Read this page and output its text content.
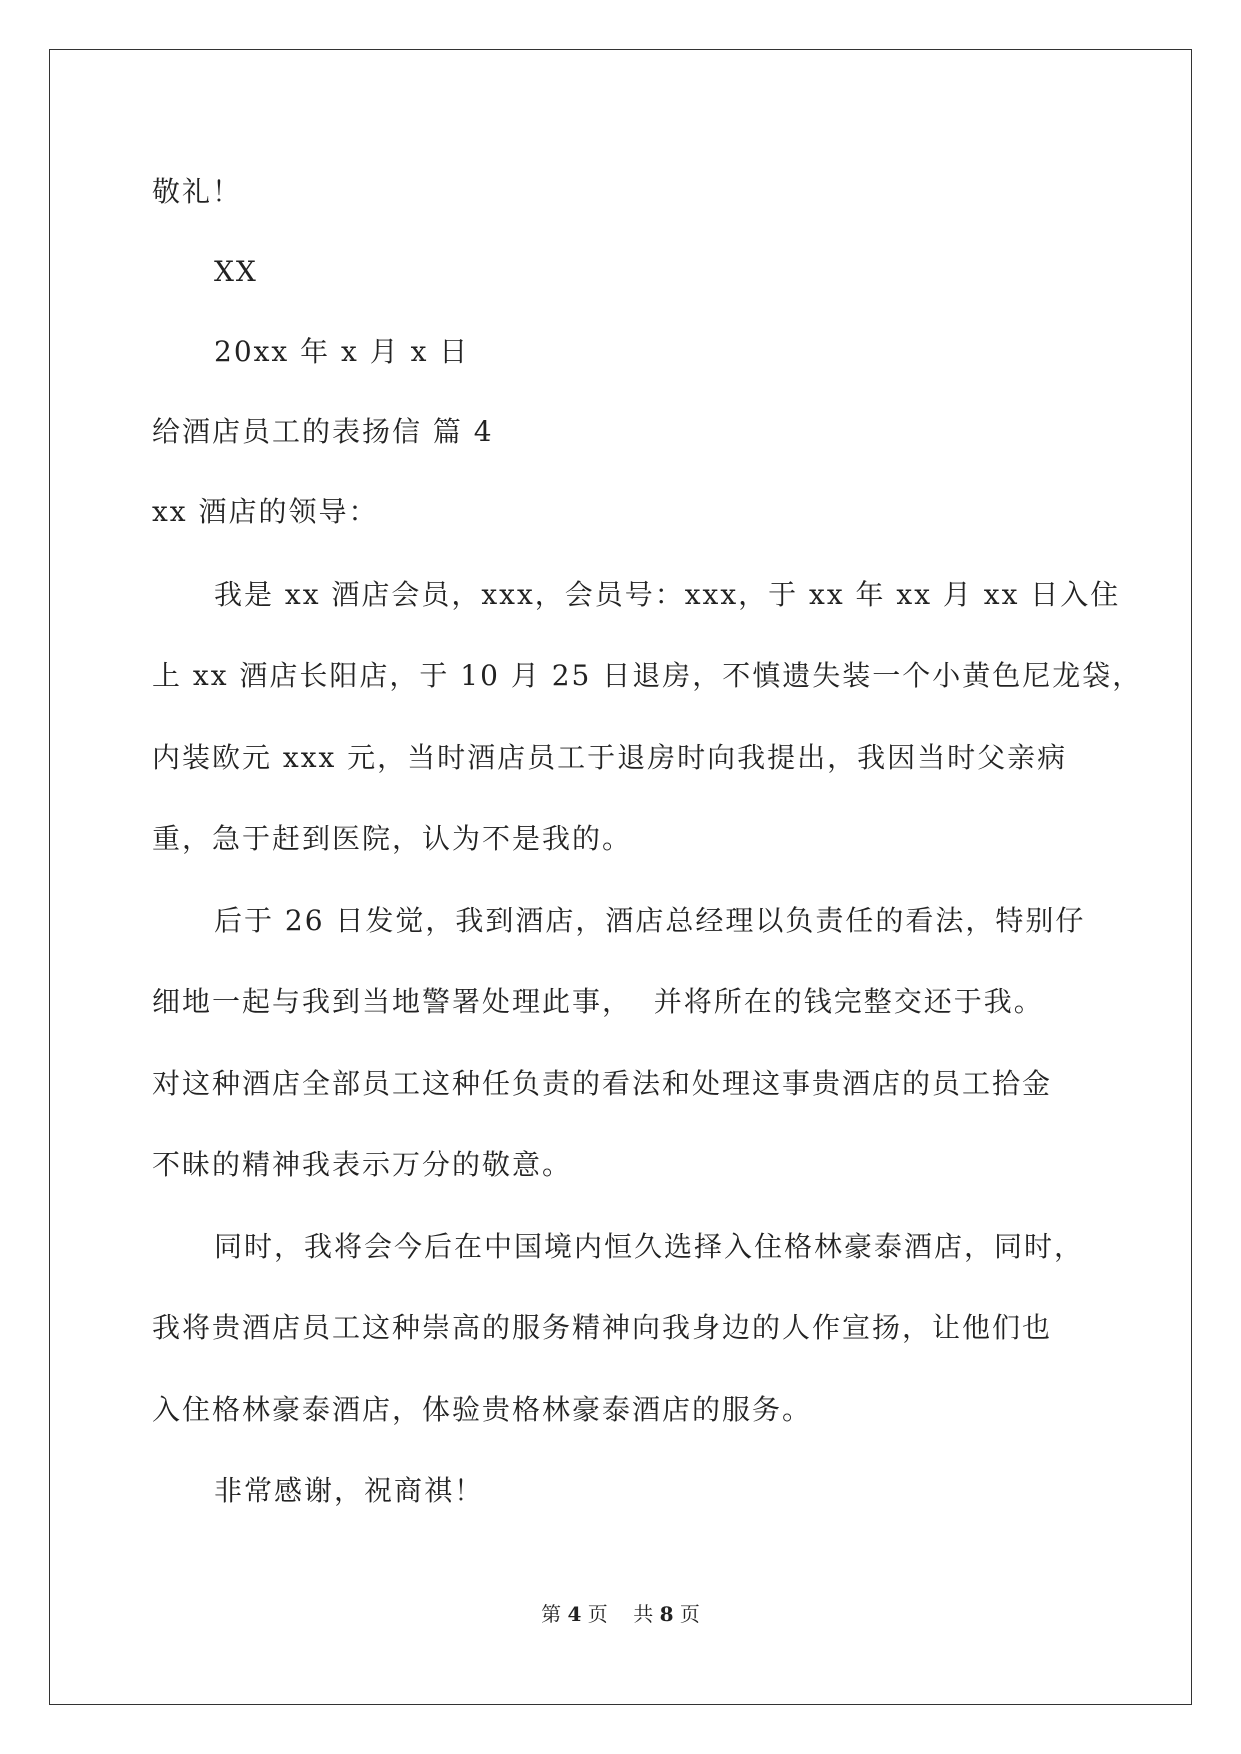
敬礼！
XX
20xx 年 x 月 x 日
给酒店员工的表扬信 篇 4
xx 酒店的领导：
我是 xx 酒店会员，xxx，会员号：xxx，于 xx 年 xx 月 xx 日入住
上 xx 酒店长阳店，于 10 月 25 日退房，不慎遗失装一个小黄色尼龙袋，
内装欧元 xxx 元，当时酒店员工于退房时向我提出，我因当时父亲病
重，急于赶到医院，认为不是我的。
后于 26 日发觉，我到酒店，酒店总经理以负责任的看法，特别仔
细地一起与我到当地警署处理此事，  并将所在的钱完整交还于我。
对这种酒店全部员工这种任负责的看法和处理这事贵酒店的员工拾金
不昧的精神我表示万分的敬意。
同时，我将会今后在中国境内恒久选择入住格林豪泰酒店，同时，
我将贵酒店员工这种崇高的服务精神向我身边的人作宣扬，让他们也
入住格林豪泰酒店，体验贵格林豪泰酒店的服务。
非常感谢，祝商祺！
第 4 页 共 8 页
